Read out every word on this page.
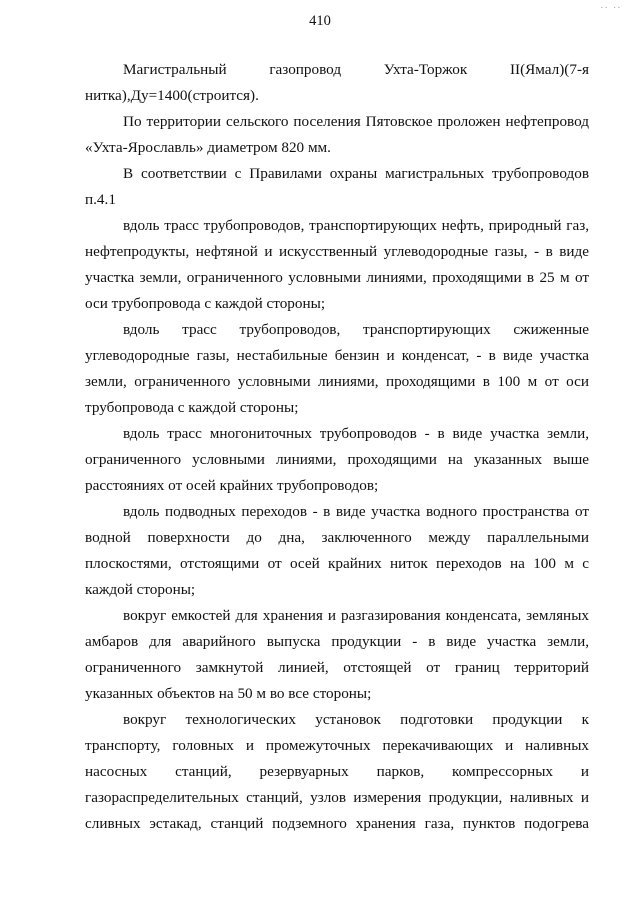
.. ..
410

Магистральный газопровод Ухта-Торжок II(Ямал)(7-я нитка),Ду=1400(строится).

По территории сельского поселения Пятовское проложен нефтепровод «Ухта-Ярославль» диаметром 820 мм.

В соответствии с Правилами охраны магистральных трубопроводов п.4.1

вдоль трасс трубопроводов, транспортирующих нефть, природный газ, нефтепродукты, нефтяной и искусственный углеводородные газы, - в виде участка земли, ограниченного условными линиями, проходящими в 25 м от оси трубопровода с каждой стороны;

вдоль трасс трубопроводов, транспортирующих сжиженные углеводородные газы, нестабильные бензин и конденсат, - в виде участка земли, ограниченного условными линиями, проходящими в 100 м от оси трубопровода с каждой стороны;

вдоль трасс многониточных трубопроводов - в виде участка земли, ограниченного условными линиями, проходящими на указанных выше расстояниях от осей крайних трубопроводов;

вдоль подводных переходов - в виде участка водного пространства от водной поверхности до дна, заключенного между параллельными плоскостями, отстоящими от осей крайних ниток переходов на 100 м с каждой стороны;

вокруг емкостей для хранения и разгазирования конденсата, земляных амбаров для аварийного выпуска продукции - в виде участка земли, ограниченного замкнутой линией, отстоящей от границ территорий указанных объектов на 50 м во все стороны;

вокруг технологических установок подготовки продукции к транспорту, головных и промежуточных перекачивающих и наливных насосных станций, резервуарных парков, компрессорных и газораспределительных станций, узлов измерения продукции, наливных и сливных эстакад, станций подземного хранения газа, пунктов подогрева
